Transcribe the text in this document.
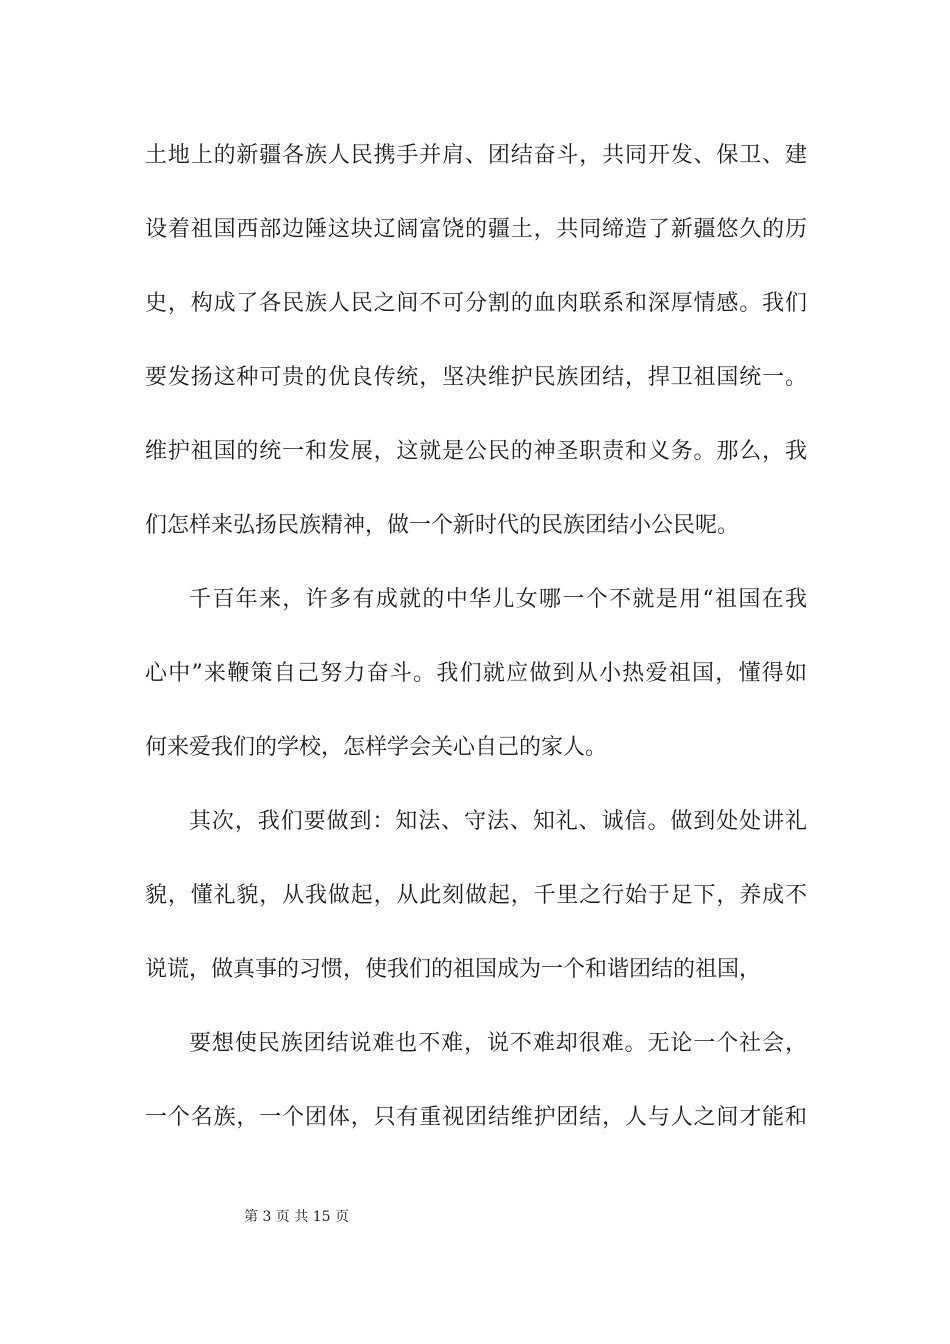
土地上的新疆各族人民携手并肩、团结奋斗，共同开发、保卫、建
设着祖国西部边陲这块辽阔富饶的疆土，共同缔造了新疆悠久的历
史，构成了各民族人民之间不可分割的血肉联系和深厚情感。我们
要发扬这种可贵的优良传统，坚决维护民族团结，捍卫祖国统一。
维护祖国的统一和发展，这就是公民的神圣职责和义务。那么，我
们怎样来弘扬民族精神，做一个新时代的民族团结小公民呢。
千百年来，许多有成就的中华儿女哪一个不就是用“祖国在我
心中”来鞭策自己努力奋斗。我们就应做到从小热爱祖国，懂得如
何来爱我们的学校，怎样学会关心自己的家人。
其次，我们要做到：知法、守法、知礼、诚信。做到处处讲礼
貌，懂礼貌，从我做起，从此刻做起，千里之行始于足下，养成不
说谎，做真事的习惯，使我们的祖国成为一个和谐团结的祖国，
要想使民族团结说难也不难，说不难却很难。无论一个社会，
一个名族，一个团体，只有重视团结维护团结，人与人之间才能和
第 3 页 共 15 页
